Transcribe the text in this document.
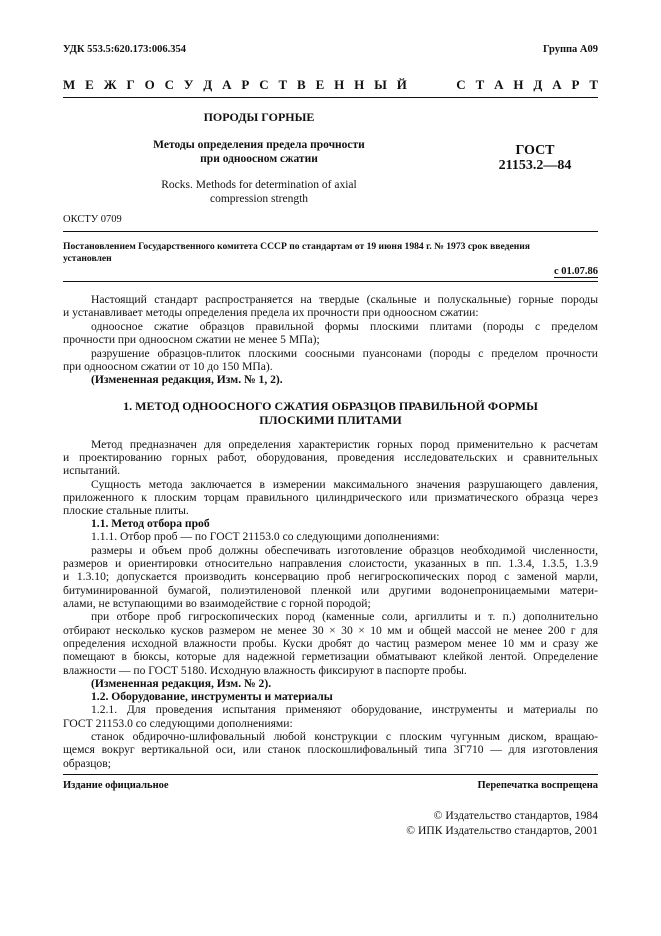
УДК 553.5:620.173:006.354	Группа А09
М Е Ж Г О С У Д А Р С Т В Е Н Н Ы Й     С Т А Н Д А Р Т
ПОРОДЫ ГОРНЫЕ
Методы определения предела прочности
при одноосном сжатии
Rocks. Methods for determination of axial
compression strength
ГОСТ
21153.2—84
ОКСТУ 0709
Постановлением Государственного комитета СССР по стандартам от 19 июня 1984 г. № 1973 срок введения
установлен
с 01.07.86
Настоящий стандарт распространяется на твердые (скальные и полускальные) горные породы
и устанавливает методы определения предела их прочности при одноосном сжатии:
одноосное сжатие образцов правильной формы плоскими плитами (породы с пределом
прочности при одноосном сжатии не менее 5 МПа);
разрушение образцов-плиток плоскими соосными пуансонами (породы с пределом прочности
при одноосном сжатии от 10 до 150 МПа).
(Измененная редакция, Изм. № 1, 2).
1. МЕТОД ОДНООСНОГО СЖАТИЯ ОБРАЗЦОВ ПРАВИЛЬНОЙ ФОРМЫ
ПЛОСКИМИ ПЛИТАМИ
Метод предназначен для определения характеристик горных пород применительно к расчетам
и проектированию горных работ, оборудования, проведения исследовательских и сравнительных
испытаний.
Сущность метода заключается в измерении максимального значения разрушающего давления,
приложенного к плоским торцам правильного цилиндрического или призматического образца через
плоские стальные плиты.
1.1. Метод отбора проб
1.1.1. Отбор проб — по ГОСТ 21153.0 со следующими дополнениями:
размеры и объем проб должны обеспечивать изготовление образцов необходимой численности,
размеров и ориентировки относительно направления слоистости, указанных в пп. 1.3.4, 1.3.5, 1.3.9
и 1.3.10; допускается производить консервацию проб негигроскопических пород с заменой марли,
битуминированной бумагой, полиэтиленовой пленкой или другими водонепроницаемыми матери-
алами, не вступающими во взаимодействие с горной породой;
при отборе проб гигроскопических пород (каменные соли, аргиллиты и т. п.) дополнительно
отбирают несколько кусков размером не менее 30 × 30 × 10 мм и общей массой не менее 200 г для
определения исходной влажности пробы. Куски дробят до частиц размером менее 10 мм и сразу же
помещают в бюксы, которые для надежной герметизации обматывают клейкой лентой. Определение
влажности — по ГОСТ 5180. Исходную влажность фиксируют в паспорте пробы.
(Измененная редакция, Изм. № 2).
1.2. Оборудование, инструменты и материалы
1.2.1. Для проведения испытания применяют оборудование, инструменты и материалы по
ГОСТ 21153.0 со следующими дополнениями:
станок обдирочно-шлифовальный любой конструкции с плоским чугунным диском, вращаю-
щемся вокруг вертикальной оси, или станок плоскошлифовальный типа 3Г710 — для изготовления
образцов;
Издание официальное	Перепечатка воспрещена
© Издательство стандартов, 1984
© ИПК Издательство стандартов, 2001
